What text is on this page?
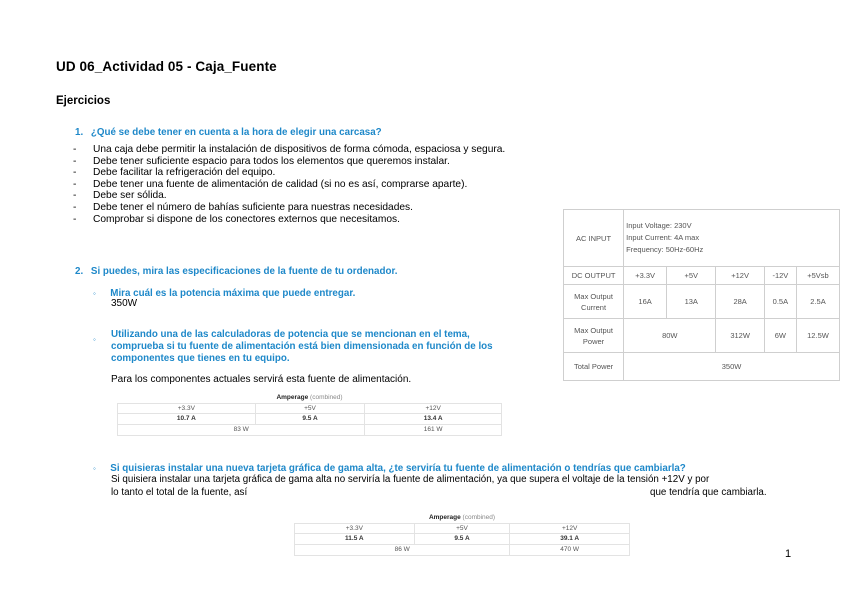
UD 06_Actividad 05 - Caja_Fuente
Ejercicios
1. ¿Qué se debe tener en cuenta a la hora de elegir una carcasa?
- Una caja debe permitir la instalación de dispositivos de forma cómoda, espaciosa y segura.
- Debe tener suficiente espacio para todos los elementos que queremos instalar.
- Debe facilitar la refrigeración del equipo.
- Debe tener una fuente de alimentación de calidad (si no es así, comprarse aparte).
- Debe ser sólida.
- Debe tener el número de bahías suficiente para nuestras necesidades.
- Comprobar si dispone de los conectores externos que necesitamos.
AC INPUT	Input Voltage: 230V
Input Current: 4A max
Frequency: 50Hz-60Hz				

DC OUTPUT	+3.3V	+5V	+12V	-12V	+5Vsb
Max Output Current	16A	13A	28A	0.5A	2.5A
Max Output Power	80W		312W	6W	12.5W
Total Power	350W				
2. Si puedes, mira las especificaciones de la fuente de tu ordenador.
◦ Mira cuál es la potencia máxima que puede entregar.
350W
◦ Utilizando una de las calculadoras de potencia que se mencionan en el tema,
comprueba si tu fuente de alimentación está bien dimensionada en función de los
componentes que tienes en tu equipo.
Para los componentes actuales servirá esta fuente de alimentación.
Amperage (combined)		
+3.3V	+5V	+12V
10.7 A	9.5 A	13.4 A
83 W		161 W
◦ Si quisieras instalar una nueva tarjeta gráfica de gama alta, ¿te serviría tu fuente de alimentación o tendrías que cambiarla?
Si quisiera instalar una tarjeta gráfica de gama alta no serviría la fuente de alimentación, ya que supera el voltaje de la tensión +12V y por
lo tanto el total de la fuente, así	que tendría que cambiarla.
Amperage (combined)		
+3.3V	+5V	+12V
11.5 A	9.5 A	39.1 A
86 W		470 W	1
